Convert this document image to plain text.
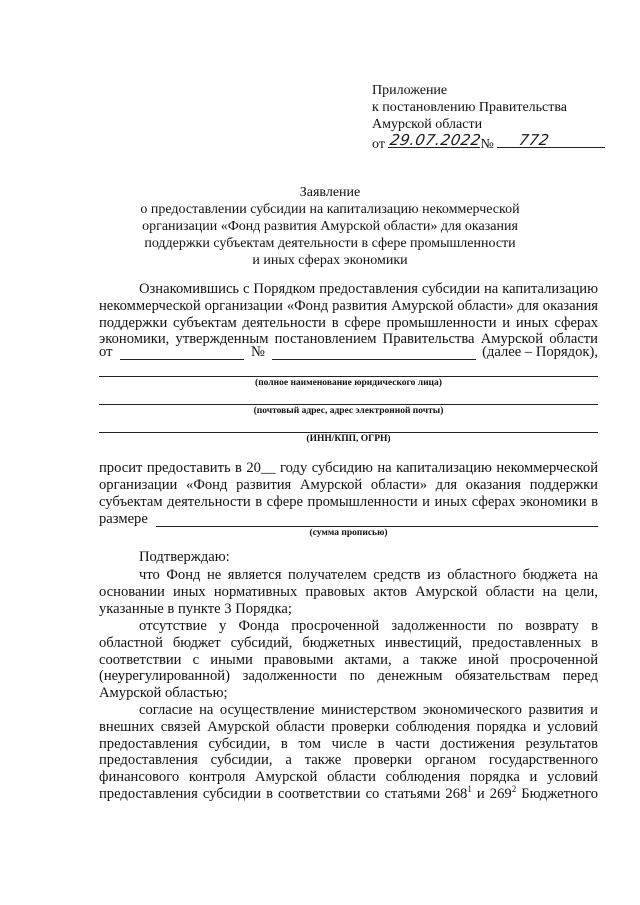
Приложение
к постановлению Правительства
Амурской области
от 29.07.2022
№ 772
Заявление
о предоставлении субсидии на капитализацию некоммерческой
организации «Фонд развития Амурской области» для оказания
поддержки субъектам деятельности в сфере промышленности
и иных сферах экономики

Ознакомившись с Порядком предоставления субсидии на капитализацию некоммерческой организации «Фонд развития Амурской области» для оказания поддержки субъектам деятельности в сфере промышленности и иных сферах экономики, утвержденным постановлением Правительства Амурской области

от	№	(далее – Порядок),
(полное наименование юридического лица)
(почтовый адрес, адрес электронной почты)
(ИНН/КПП, ОГРН)

просит предоставить в 20__ году субсидию на капитализацию некоммерческой организации «Фонд развития Амурской области» для оказания поддержки субъектам деятельности в сфере промышленности и иных сферах экономики в

размере
(сумма прописью)
Подтверждаю:

что Фонд не является получателем средств из областного бюджета на основании иных нормативных правовых актов Амурской области на цели, указанные в пункте 3 Порядка;

отсутствие у Фонда просроченной задолженности по возврату в областной бюджет субсидий, бюджетных инвестиций, предоставленных в соответствии с иными правовыми актами, а также иной просроченной (неурегулированной) задолженности по денежным обязательствам перед Амурской областью;

согласие на осуществление министерством экономического развития и внешних связей Амурской области проверки соблюдения порядка и условий предоставления субсидии, в том числе в части достижения результатов предоставления субсидии, а также проверки органом государственного финансового контроля Амурской области соблюдения порядка и условий предоставления субсидии в соответствии со статьями $268^1$ и $269^2$ Бюджетного
